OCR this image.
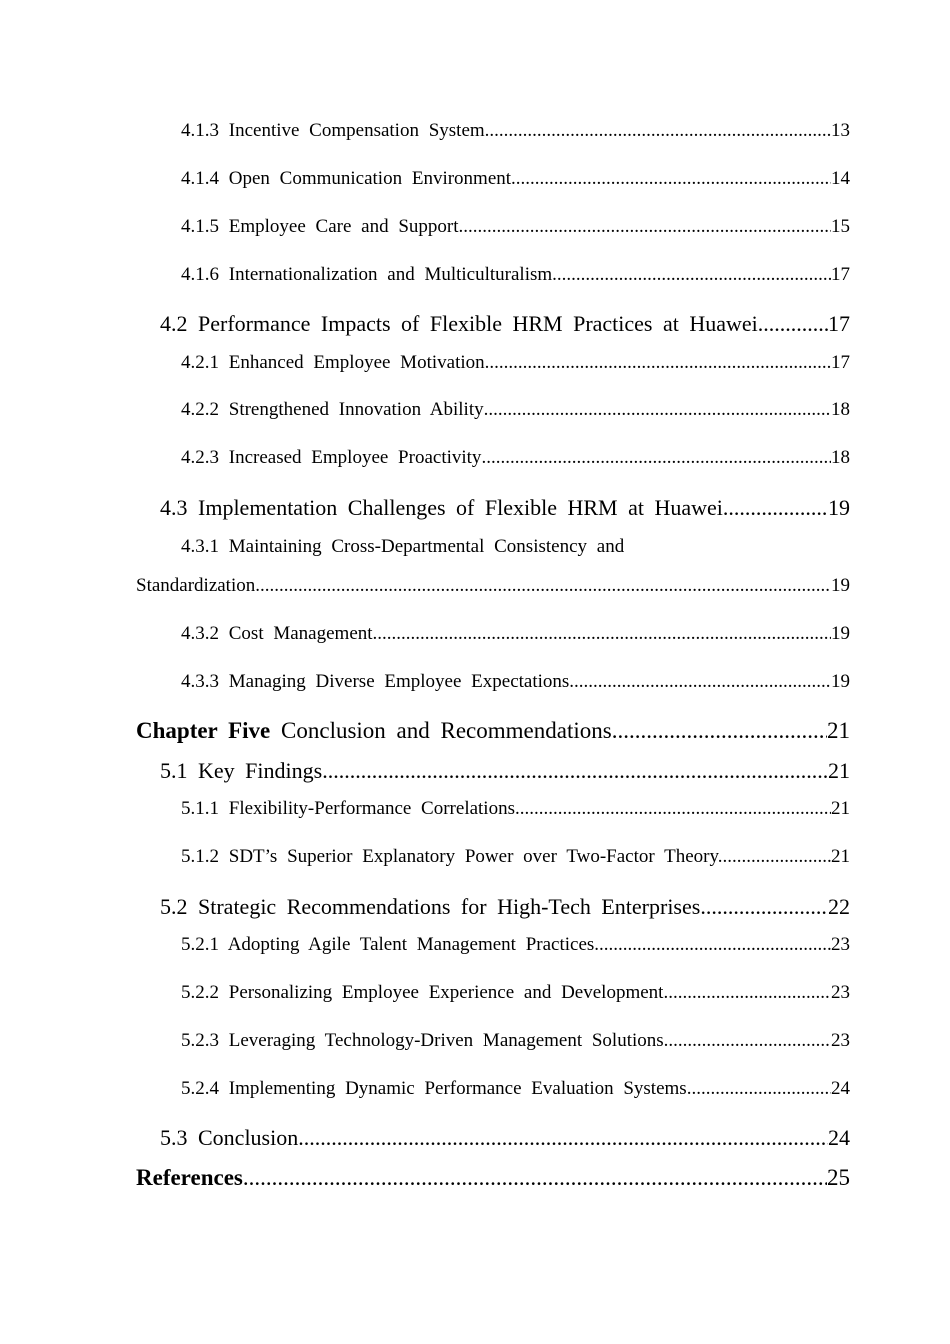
4.1.3 Incentive Compensation System .....	13
4.1.4 Open Communication Environment .....	14
4.1.5 Employee Care and Support .....	15
4.1.6 Internationalization and Multiculturalism .....	17
4.2 Performance Impacts of Flexible HRM Practices at Huawei .....	17
4.2.1 Enhanced Employee Motivation .....	17
4.2.2 Strengthened Innovation Ability .....	18
4.2.3 Increased Employee Proactivity .....	18
4.3 Implementation Challenges of Flexible HRM at Huawei .....	19
4.3.1 Maintaining Cross-Departmental Consistency and
Standardization .....	19
4.3.2 Cost Management .....	19
4.3.3 Managing Diverse Employee Expectations .....	19
Chapter Five Conclusion and Recommendations .....	21
5.1 Key Findings .....	21
5.1.1 Flexibility-Performance Correlations .....	21
5.1.2 SDT’s Superior Explanatory Power over Two-Factor Theory. .....	21
5.2 Strategic Recommendations for High-Tech Enterprises .....	22
5.2.1 Adopting Agile Talent Management Practices .....	23
5.2.2 Personalizing Employee Experience and Development .....	23
5.2.3 Leveraging Technology-Driven Management Solutions .....	23
5.2.4 Implementing Dynamic Performance Evaluation Systems .....	24
5.3 Conclusion .....	24
References .....	25
